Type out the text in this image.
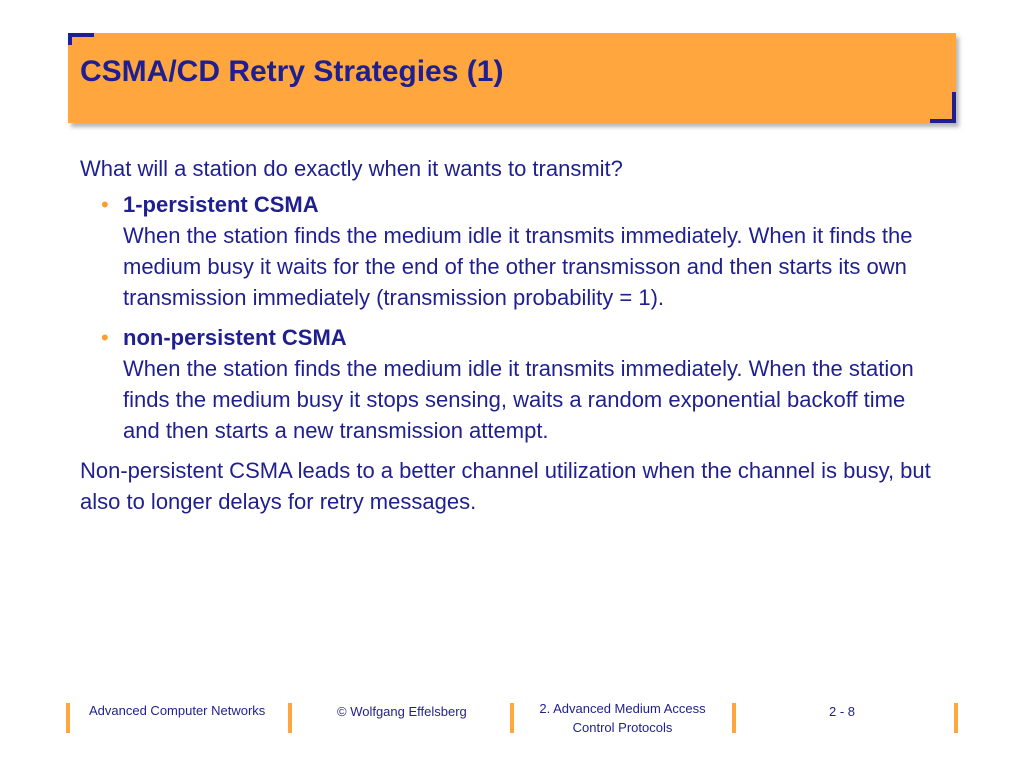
CSMA/CD Retry Strategies (1)

What will a station do exactly when it wants to transmit?

• 1-persistent CSMA
When the station finds the medium idle it transmits immediately. When it finds the medium busy it waits for the end of the other transmisson and then starts its own transmission immediately (transmission probability = 1).
• non-persistent CSMA
When the station finds the medium idle it transmits immediately. When the station finds the medium busy it stops sensing, waits a random exponential backoff time and then starts a new transmission attempt.

Non-persistent CSMA leads to a better channel utilization when the channel is busy, but also to longer delays for retry messages.

Advanced Computer Networks	© Wolfgang Effelsberg	2. Advanced Medium Access
Control Protocols
2 - 8
